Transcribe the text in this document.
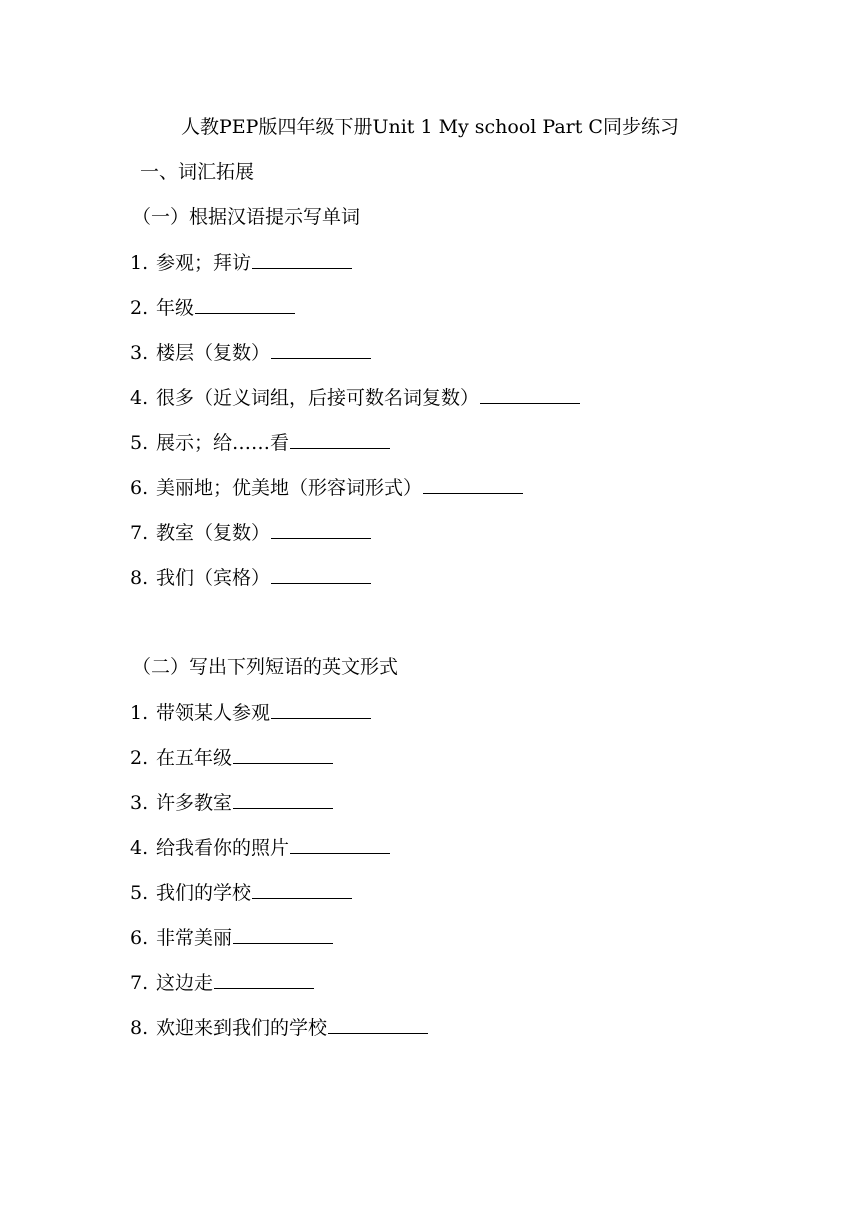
人教PEP版四年级下册Unit 1 My school Part C同步练习
一、词汇拓展
（一）根据汉语提示写单词
1. 参观；拜访
2. 年级
3. 楼层（复数）
4. 很多（近义词组，后接可数名词复数）
5. 展示；给……看
6. 美丽地；优美地（形容词形式）
7. 教室（复数）
8. 我们（宾格）
（二）写出下列短语的英文形式
1. 带领某人参观
2. 在五年级
3. 许多教室
4. 给我看你的照片
5. 我们的学校
6. 非常美丽
7. 这边走
8. 欢迎来到我们的学校
